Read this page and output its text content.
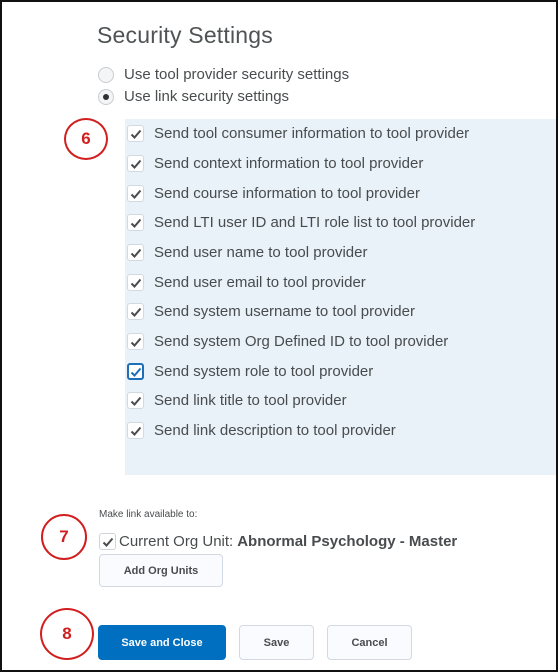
Security Settings
Use tool provider security settings
Use link security settings
6	Send tool consumer information to tool provider
Send context information to tool provider
Send course information to tool provider
Send LTI user ID and LTI role list to tool provider
Send user name to tool provider
Send user email to tool provider
Send system username to tool provider
Send system Org Defined ID to tool provider
Send system role to tool provider
Send link title to tool provider
Send link description to tool provider
Make link available to:
7	Current Org Unit: Abnormal Psychology - Master
Add Org Units
8	Save and Close	Save	Cancel
